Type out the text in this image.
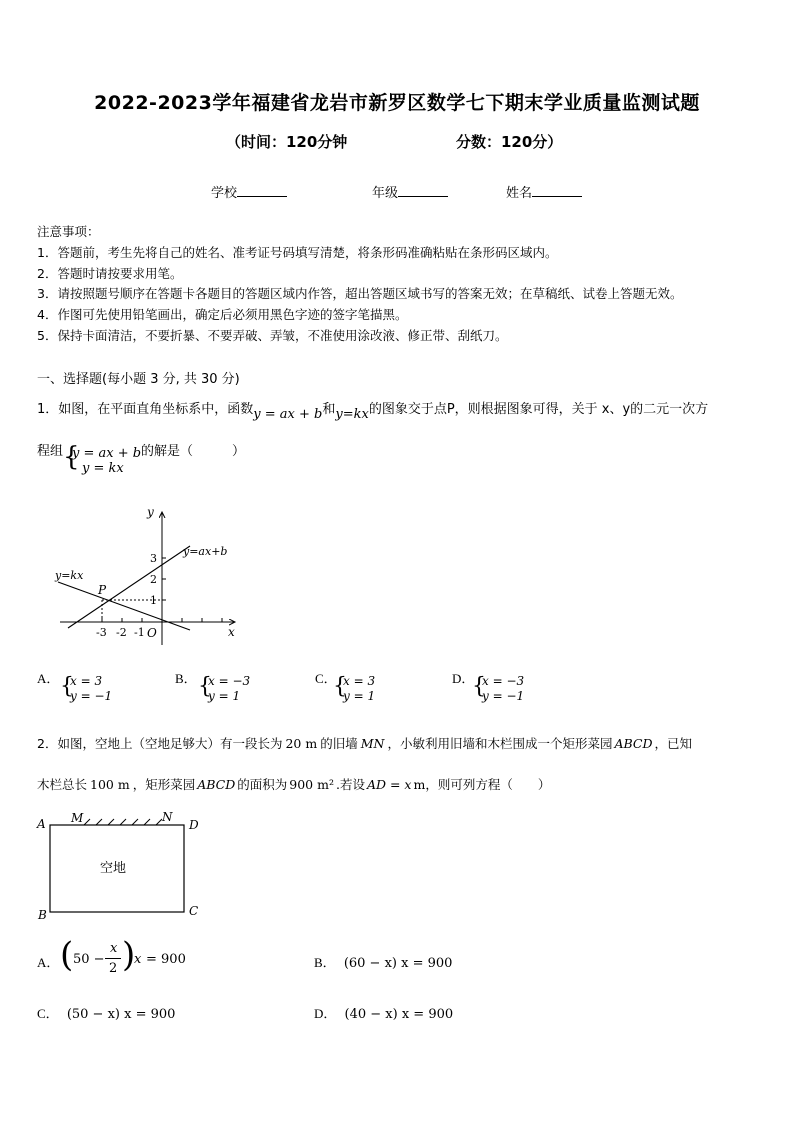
2022-2023学年福建省龙岩市新罗区数学七下期末学业质量监测试题
（时间：120分钟	分数：120分）
学校	年级	姓名
注意事项：
1．答题前，考生先将自己的姓名、准考证号码填写清楚，将条形码准确粘贴在条形码区域内。
2．答题时请按要求用笔。
3．请按照题号顺序在答题卡各题目的答题区域内作答，超出答题区域书写的答案无效；在草稿纸、试卷上答题无效。
4．作图可先使用铅笔画出，确定后必须用黑色字迹的签字笔描黑。
5．保持卡面清洁，不要折暴、不要弄破、弄皱，不准使用涂改液、修正带、刮纸刀。
一、选择题(每小题 3 分, 共 30 分)
1．如图，在平面直角坐标系中，函数y = ax + b和y=kx的图象交于点P，则根据图象可得，关于 x、y的二元一次方
程组 {
y = ax + b
y = kx
的解是（　　　）
y
x
O
y=ax+b
y=kx
P
3
2
1
-3 -2 -1
A． {
x = 3
y = −1
B． {
x = −3
y = 1
C．
{
x = 3
y = 1
D．
{
x = −3
y = −1
2．如图，空地上（空地足够大）有一段长为 20 m 的旧墙 MN ，小敏利用旧墙和木栏围成一个矩形菜园 ABCD ，已知
木栏总长 100 m ，矩形菜园 ABCD 的面积为 900 m² .若设 AD = x m，则可列方程（　　）
A M	N
D
B	C
空地
A． ( 50 −
x
2 )
x = 900	B． (60 − x) x = 900
C． (50 − x) x = 900	D． (40 − x) x = 900
